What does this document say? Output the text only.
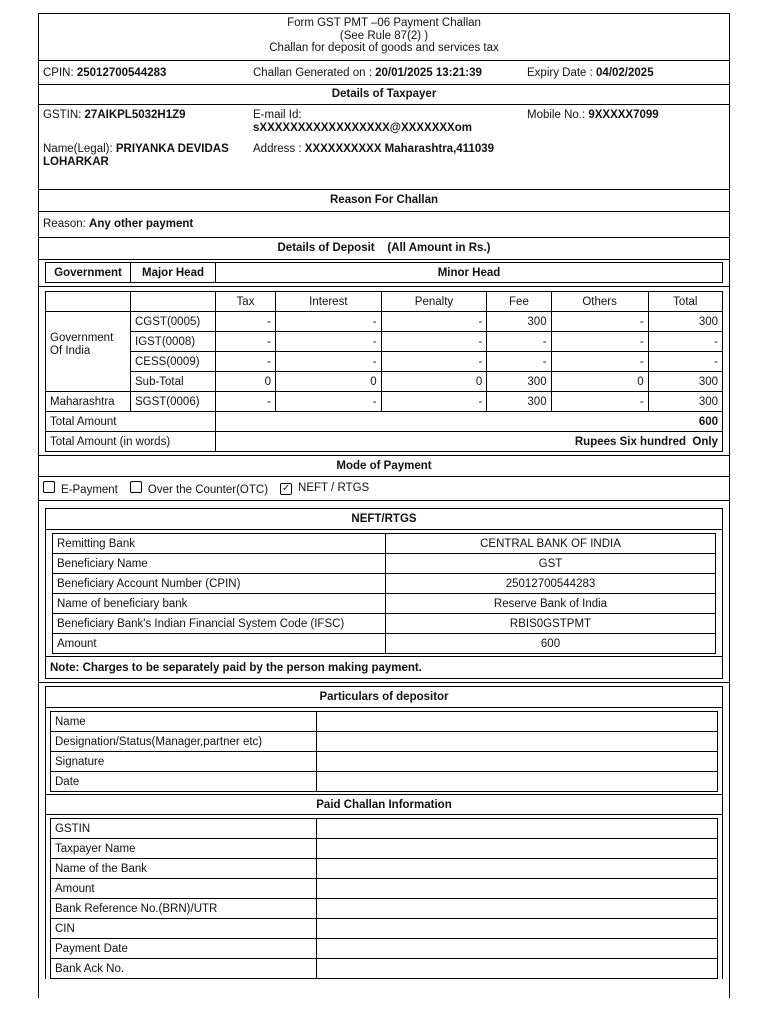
Form GST PMT –06 Payment Challan
(See Rule 87(2) )
Challan for deposit of goods and services tax
CPIN: 25012700544283	Challan Generated on : 20/01/2025 13:21:39	Expiry Date : 04/02/2025
Details of Taxpayer
GSTIN: 27AIKPL5032H1Z9	E-mail Id:
sXXXXXXXXXXXXXXXXX@XXXXXXXom
Mobile No.: 9XXXXX7099
Name(Legal): PRIYANKA DEVIDAS LOHARKAR
Address : XXXXXXXXXX Maharashtra,411039
Reason For Challan
Reason: Any other payment
Details of Deposit    (All Amount in Rs.)
Government	Major Head	Minor Head
		Tax	Interest	Penalty	Fee	Others	Total
Government Of India	CGST(0005)	-	-	-	300	-	300
	IGST(0008)	-	-	-	-	-	-
	CESS(0009)	-	-	-	-	-	-
	Sub-Total	0	0	0	300	0	300
Maharashtra	SGST(0006)	-	-	-	300	-	300
Total Amount		600					
Total Amount (in words)		Rupees Six hundred  Only					
Mode of Payment
E-Payment	Over the Counter(OTC) ✓ NEFT / RTGS
NEFT/RTGS
Remitting Bank	CENTRAL BANK OF INDIA
Beneficiary Name	GST
Beneficiary Account Number (CPIN)	25012700544283
Name of beneficiary bank	Reserve Bank of India
Beneficiary Bank's Indian Financial System Code (IFSC)	RBIS0GSTPMT
Amount	600
Note: Charges to be separately paid by the person making payment.
Particulars of depositor
Name	
Designation/Status(Manager,partner etc)	
Signature	
Date	
Paid Challan Information
GSTIN	
Taxpayer Name	
Name of the Bank	
Amount	
Bank Reference No.(BRN)/UTR	
CIN	
Payment Date	
Bank Ack No.	
